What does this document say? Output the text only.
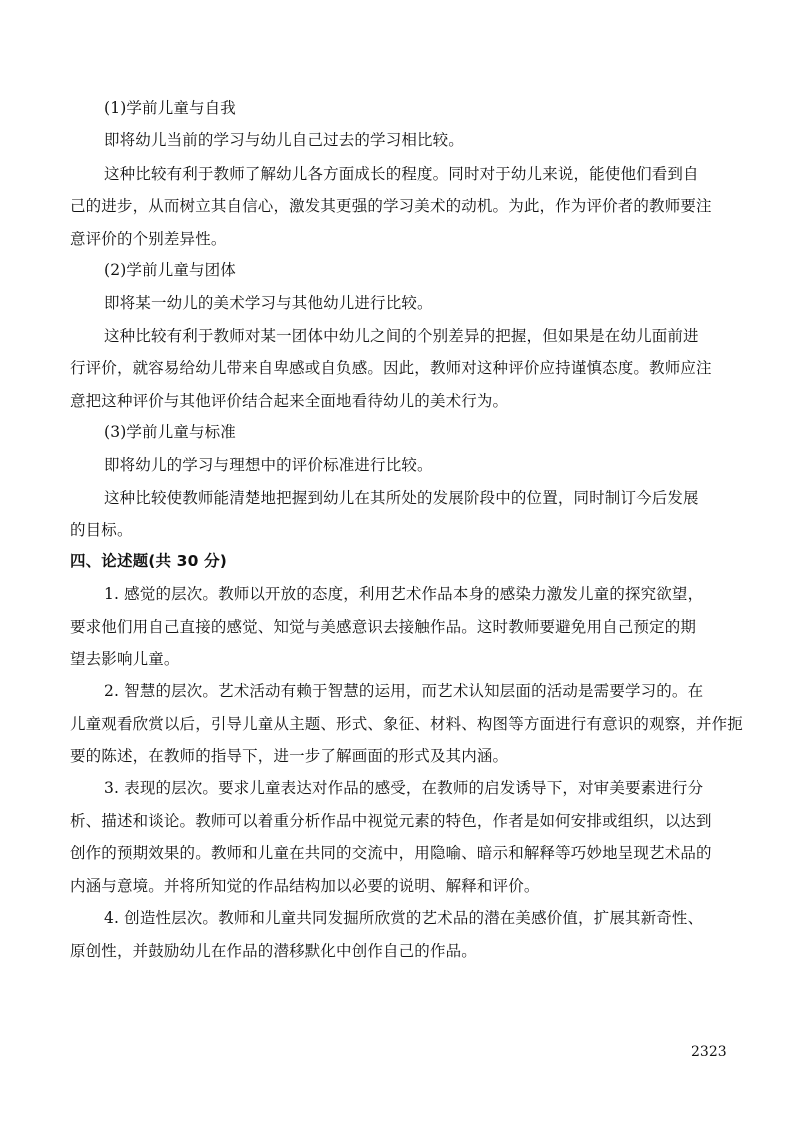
(1)学前儿童与自我
即将幼儿当前的学习与幼儿自己过去的学习相比较。
这种比较有利于教师了解幼儿各方面成长的程度。同时对于幼儿来说，能使他们看到自
己的进步，从而树立其自信心，激发其更强的学习美术的动机。为此，作为评价者的教师要注
意评价的个别差异性。
(2)学前儿童与团体
即将某一幼儿的美术学习与其他幼儿进行比较。
这种比较有利于教师对某一团体中幼儿之间的个别差异的把握，但如果是在幼儿面前进
行评价，就容易给幼儿带来自卑感或自负感。因此，教师对这种评价应持谨慎态度。教师应注
意把这种评价与其他评价结合起来全面地看待幼儿的美术行为。
(3)学前儿童与标准
即将幼儿的学习与理想中的评价标准进行比较。
这种比较使教师能清楚地把握到幼儿在其所处的发展阶段中的位置，同时制订今后发展
的目标。
四、论述题(共 30 分)
1. 感觉的层次。教师以开放的态度，利用艺术作品本身的感染力激发儿童的探究欲望，
要求他们用自己直接的感觉、知觉与美感意识去接触作品。这时教师要避免用自己预定的期
望去影响儿童。
2. 智慧的层次。艺术活动有赖于智慧的运用，而艺术认知层面的活动是需要学习的。在
儿童观看欣赏以后，引导儿童从主题、形式、象征、材料、构图等方面进行有意识的观察，并作扼
要的陈述，在教师的指导下，进一步了解画面的形式及其内涵。
3. 表现的层次。要求儿童表达对作品的感受，在教师的启发诱导下，对审美要素进行分
析、描述和谈论。教师可以着重分析作品中视觉元素的特色，作者是如何安排或组织，以达到
创作的预期效果的。教师和儿童在共同的交流中，用隐喻、暗示和解释等巧妙地呈现艺术品的
内涵与意境。并将所知觉的作品结构加以必要的说明、解释和评价。
4. 创造性层次。教师和儿童共同发掘所欣赏的艺术品的潜在美感价值，扩展其新奇性、
原创性，并鼓励幼儿在作品的潜移默化中创作自己的作品。
2323
